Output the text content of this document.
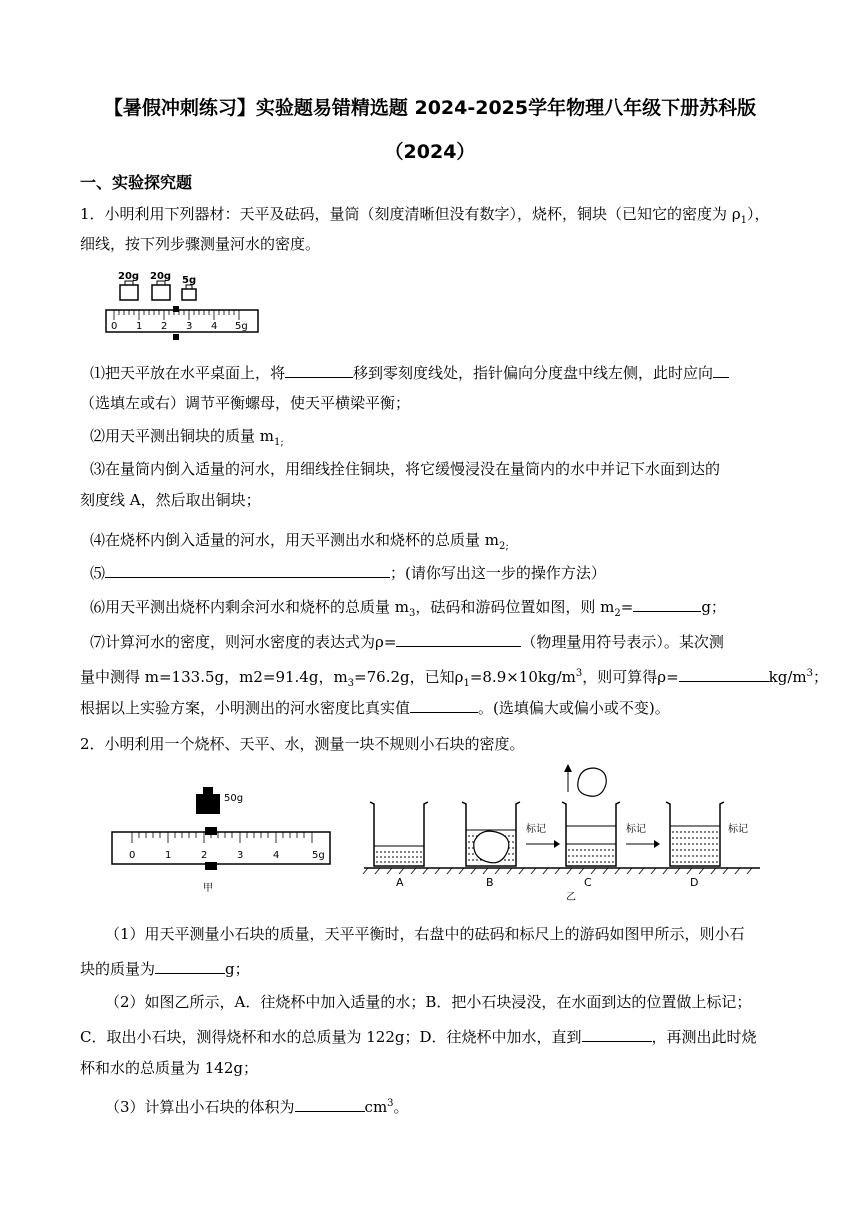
【暑假冲刺练习】实验题易错精选题 2024-2025学年物理八年级下册苏科版
（2024）
一、实验探究题
1．小明利用下列器材：天平及砝码，量筒（刻度清晰但没有数字），烧杯，铜块（已知它的密度为 $\rho_1$），
细线，按下列步骤测量河水的密度。
20g 20g 5g
0 1 2 3 4 5g
⑴把天平放在水平桌面上，将	移到零刻度线处，指针偏向分度盘中线左侧，此时应向
（选填左或右）调节平衡螺母，使天平横梁平衡；
⑵用天平测出铜块的质量 $m_{1;}$
⑶在量筒内倒入适量的河水，用细线拴住铜块，将它缓慢浸没在量筒内的水中并记下水面到达的
刻度线 A，然后取出铜块；
⑷在烧杯内倒入适量的河水，用天平测出水和烧杯的总质量 $m_{2;}$
⑸	；(请你写出这一步的操作方法）
⑹用天平测出烧杯内剩余河水和烧杯的总质量 $m_3$，砝码和游码位置如图，则 $m_2=$	g；
⑺计算河水的密度，则河水密度的表达式为ρ=	（物理量用符号表示）。某次测
量中测得 m=133.5g，m2=91.4g，$m_3=76.2g$，已知$\rho_1=8.9\times 10kg/m^3$，则可算得ρ=	$kg/m^3$；
根据以上实验方案，小明测出的河水密度比真实值	。(选填偏大或偏小或不变)。
2．小明利用一个烧杯、天平、水，测量一块不规则小石块的密度。
50g
0	1	2	3	4	5g
甲	A	B
标记
C
标记
D
标记
乙
（1）用天平测量小石块的质量，天平平衡时，右盘中的砝码和标尺上的游码如图甲所示，则小石
块的质量为	g；
（2）如图乙所示，A．往烧杯中加入适量的水；B．把小石块浸没，在水面到达的位置做上标记；
C．取出小石块，测得烧杯和水的总质量为 122g；D．往烧杯中加水，直到	，再测出此时烧
杯和水的总质量为 142g；
（3）计算出小石块的体积为	$cm^3$。
